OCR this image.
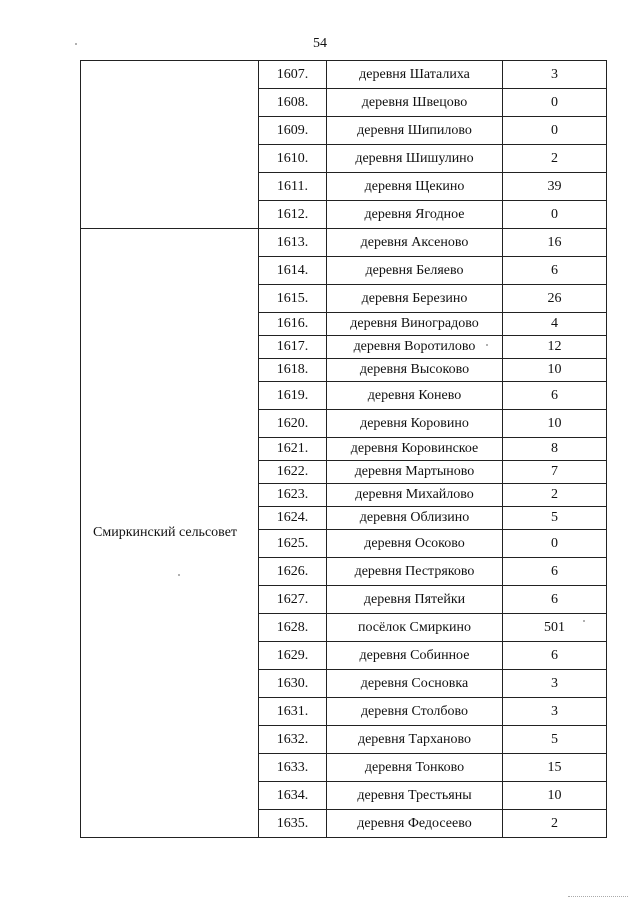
54
	1607.	деревня Шаталиха	3
	1608.	деревня Швецово	0
	1609.	деревня Шипилово	0
	1610.	деревня Шишулино	2
	1611.	деревня Щекино	39
	1612.	деревня Ягодное	0
Смиркинский сельсовет	1613.	деревня Аксеново	16
	1614.	деревня Беляево	6
	1615.	деревня Березино	26
	1616.	деревня Виноградово	4
	1617.	деревня Воротилово	12
	1618.	деревня Высоково	10
	1619.	деревня Конево	6
	1620.	деревня Коровино	10
	1621.	деревня Коровинское	8
	1622.	деревня Мартыново	7
	1623.	деревня Михайлово	2
	1624.	деревня Облизино	5
	1625.	деревня Осоково	0
	1626.	деревня Пестряково	6
	1627.	деревня Пятейки	6
	1628.	посёлок Смиркино	501
	1629.	деревня Собинное	6
	1630.	деревня Сосновка	3
	1631.	деревня Столбово	3
	1632.	деревня Тарханово	5
	1633.	деревня Тонково	15
	1634.	деревня Трестьяны	10
	1635.	деревня Федосеево	2
